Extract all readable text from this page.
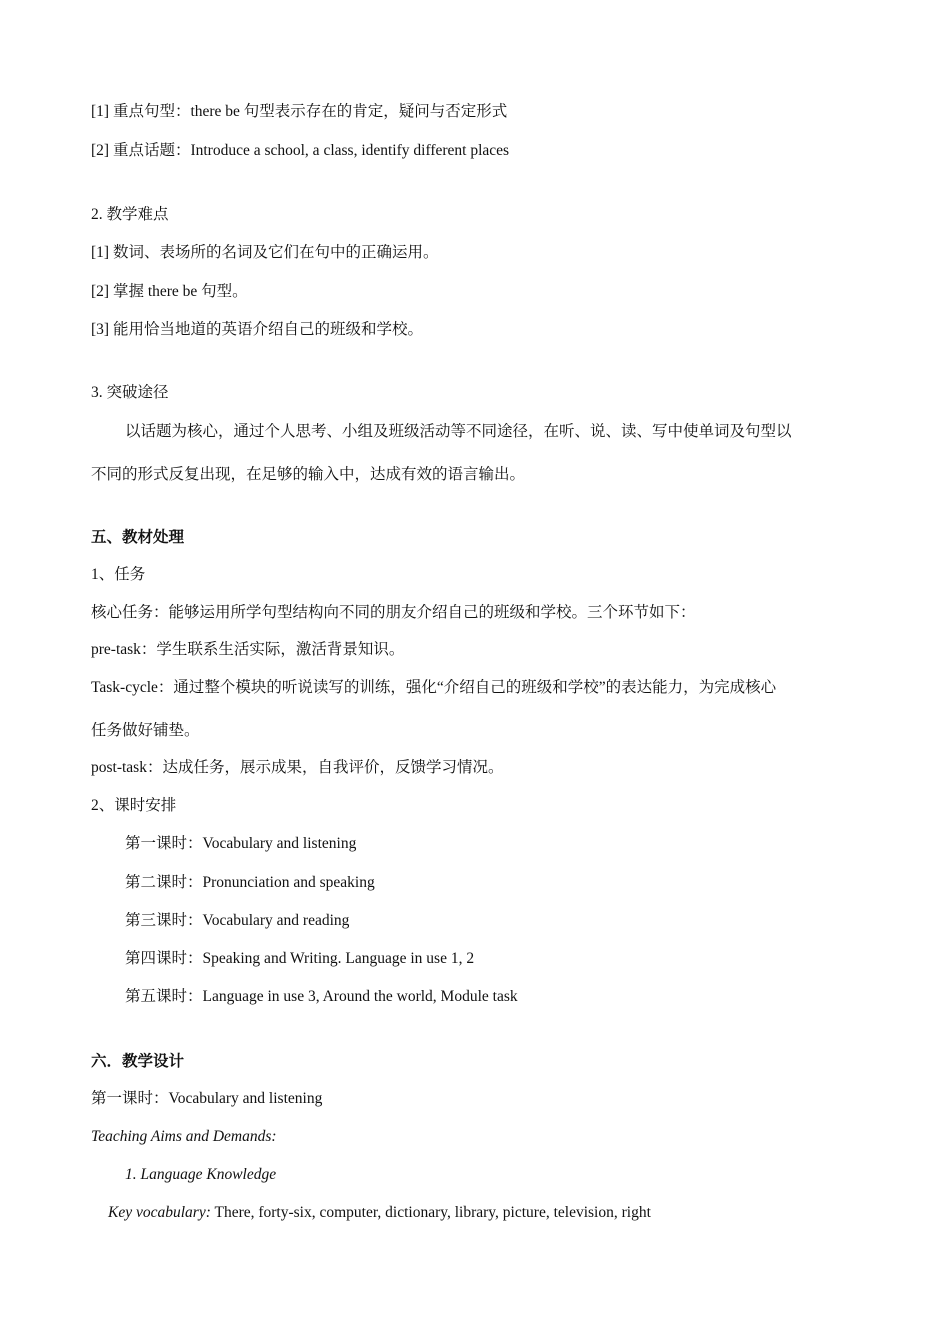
[1] 重点句型：there be 句型表示存在的肯定，疑问与否定形式
[2] 重点话题：Introduce a school, a class, identify different places
2. 教学难点
[1] 数词、表场所的名词及它们在句中的正确运用。
[2] 掌握 there be 句型。
[3] 能用恰当地道的英语介绍自己的班级和学校。
3. 突破途径
以话题为核心，通过个人思考、小组及班级活动等不同途径，在听、说、读、写中使单词及句型以
不同的形式反复出现，在足够的输入中，达成有效的语言输出。
五、教材处理
1、任务
核心任务：能够运用所学句型结构向不同的朋友介绍自己的班级和学校。三个环节如下：
pre-task：学生联系生活实际，激活背景知识。
Task-cycle：通过整个模块的听说读写的训练，强化“介绍自己的班级和学校”的表达能力，为完成核心
任务做好铺垫。
post-task：达成任务，展示成果，自我评价，反馈学习情况。
2、课时安排
第一课时：Vocabulary and listening
第二课时：Pronunciation and speaking
第三课时：Vocabulary and reading
第四课时：Speaking and Writing. Language in use 1, 2
第五课时：Language in use 3, Around the world, Module task
六．教学设计
第一课时：Vocabulary and listening
Teaching Aims and Demands:
1. Language Knowledge
Key vocabulary: There, forty-six, computer, dictionary, library, picture, television, right
